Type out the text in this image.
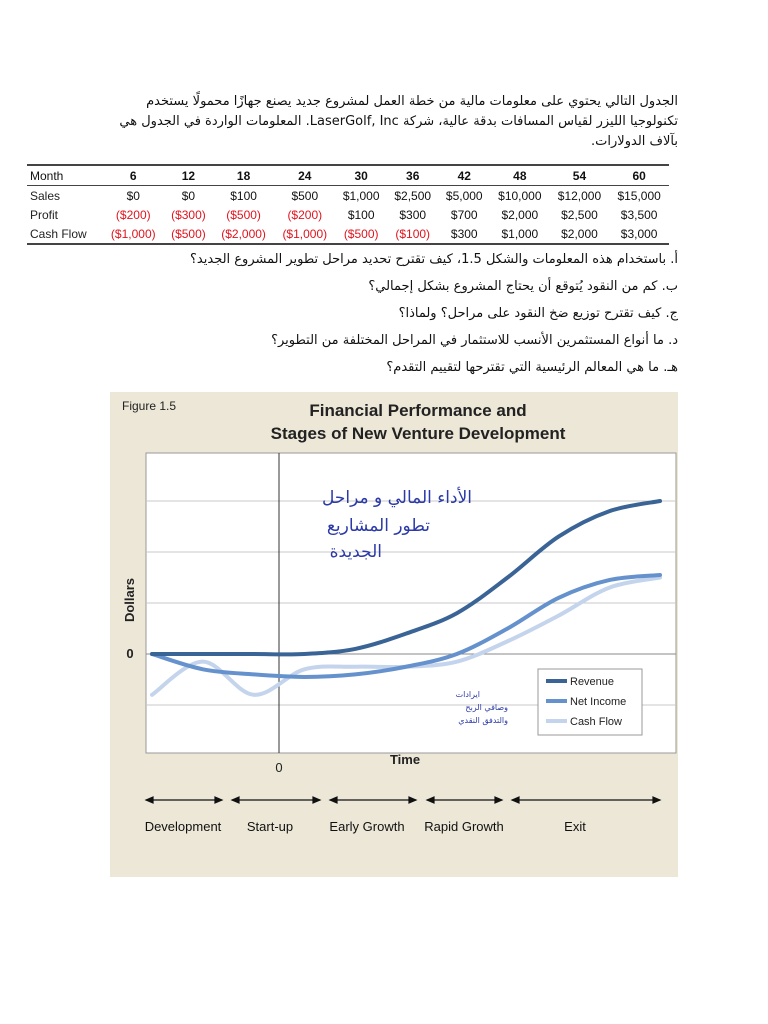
الجدول التالي يحتوي على معلومات مالية من خطة العمل لمشروع جديد يصنع جهازًا محمولًا يستخدم

تكنولوجيا الليزر لقياس المسافات بدقة عالية، شركة LaserGolf, Inc. المعلومات الواردة في الجدول هي

بآلاف الدولارات.

Month	6	12	18	24	30	36	42	48	54	60
Sales	$0	$0	$100	$500	$1,000	$2,500	$5,000	$10,000	$12,000	$15,000
Profit	($200)	($300)	($500)	($200)	$100	$300	$700	$2,000	$2,500	$3,500
Cash Flow	($1,000)	($500)	($2,000)	($1,000)	($500)	($100)	$300	$1,000	$2,000	$3,000
أ. باستخدام هذه المعلومات والشكل 1.5، كيف تقترح تحديد مراحل تطوير المشروع الجديد؟
ب. كم من النقود يُتوقع أن يحتاج المشروع بشكل إجمالي؟
ج. كيف تقترح توزيع ضخ النقود على مراحل؟ ولماذا؟
د. ما أنواع المستثمرين الأنسب للاستثمار في المراحل المختلفة من التطوير؟
هـ. ما هي المعالم الرئيسية التي تقترحها لتقييم التقدم؟
Figure 1.5	Financial Performance and
Stages of New Venture Development
Dollars
0
0
Time
الأداء المالي و مراحل
تطور المشاريع
الجديدة
ايرادات
وصافي الربح
والتدفق النقدي
Revenue
Net Income
Cash Flow
Development Start-up	Early Growth Rapid Growth	Exit
